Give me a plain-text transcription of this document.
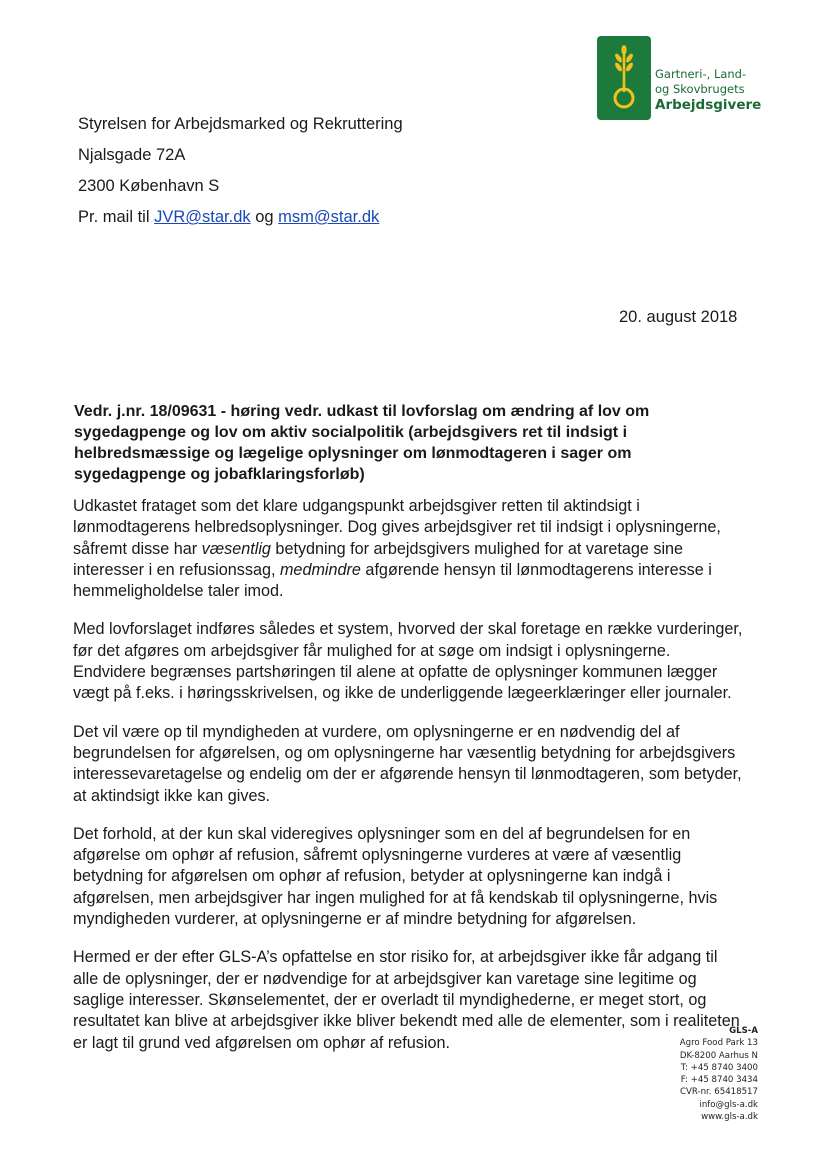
Gartneri-, Land-
og Skovbrugets
Arbejdsgivere
Styrelsen for Arbejdsmarked og Rekruttering
Njalsgade 72A
2300 København S
Pr. mail til JVR@star.dk og msm@star.dk
20. august 2018
Vedr. j.nr. 18/09631 - høring vedr. udkast til lovforslag om ændring af lov om sygedagpenge og lov om aktiv socialpolitik (arbejdsgivers ret til indsigt i helbredsmæssige og lægelige oplysninger om lønmodtageren i sager om sygedagpenge og jobafklaringsforløb)

Udkastet frataget som det klare udgangspunkt arbejdsgiver retten til aktindsigt i lønmodtagerens helbredsoplysninger. Dog gives arbejdsgiver ret til indsigt i oplysningerne, såfremt disse har væsentlig betydning for arbejdsgivers mulighed for at varetage sine interesser i en refusionssag, medmindre afgørende hensyn til lønmodtagerens interesse i hemmeligholdelse taler imod.

Med lovforslaget indføres således et system, hvorved der skal foretage en række vurderinger, før det afgøres om arbejdsgiver får mulighed for at søge om indsigt i oplysningerne. Endvidere begrænses partshøringen til alene at opfatte de oplysninger kommunen lægger vægt på f.eks. i høringsskrivelsen, og ikke de underliggende lægeerklæringer eller journaler.

Det vil være op til myndigheden at vurdere, om oplysningerne er en nødvendig del af begrundelsen for afgørelsen, og om oplysningerne har væsentlig betydning for arbejdsgivers interessevaretagelse og endelig om der er afgørende hensyn til lønmodtageren, som betyder, at aktindsigt ikke kan gives.

Det forhold, at der kun skal videregives oplysninger som en del af begrundelsen for en afgørelse om ophør af refusion, såfremt oplysningerne vurderes at være af væsentlig betydning for afgørelsen om ophør af refusion, betyder at oplysningerne kan indgå i afgørelsen, men arbejdsgiver har ingen mulighed for at få kendskab til oplysningerne, hvis myndigheden vurderer, at oplysningerne er af mindre betydning for afgørelsen.

Hermed er der efter GLS-A’s opfattelse en stor risiko for, at arbejdsgiver ikke får adgang til alle de oplysninger, der er nødvendige for at arbejdsgiver kan varetage sine legitime og saglige interesser. Skønselementet, der er overladt til myndighederne, er meget stort, og resultatet kan blive at arbejdsgiver ikke bliver bekendt med alle de elementer, som i realiteten er lagt til grund ved afgørelsen om ophør af refusion.

GLS-A
Agro Food Park 13
DK-8200 Aarhus N
T: +45 8740 3400
F: +45 8740 3434
CVR-nr. 65418517
info@gls-a.dk
www.gls-a.dk
